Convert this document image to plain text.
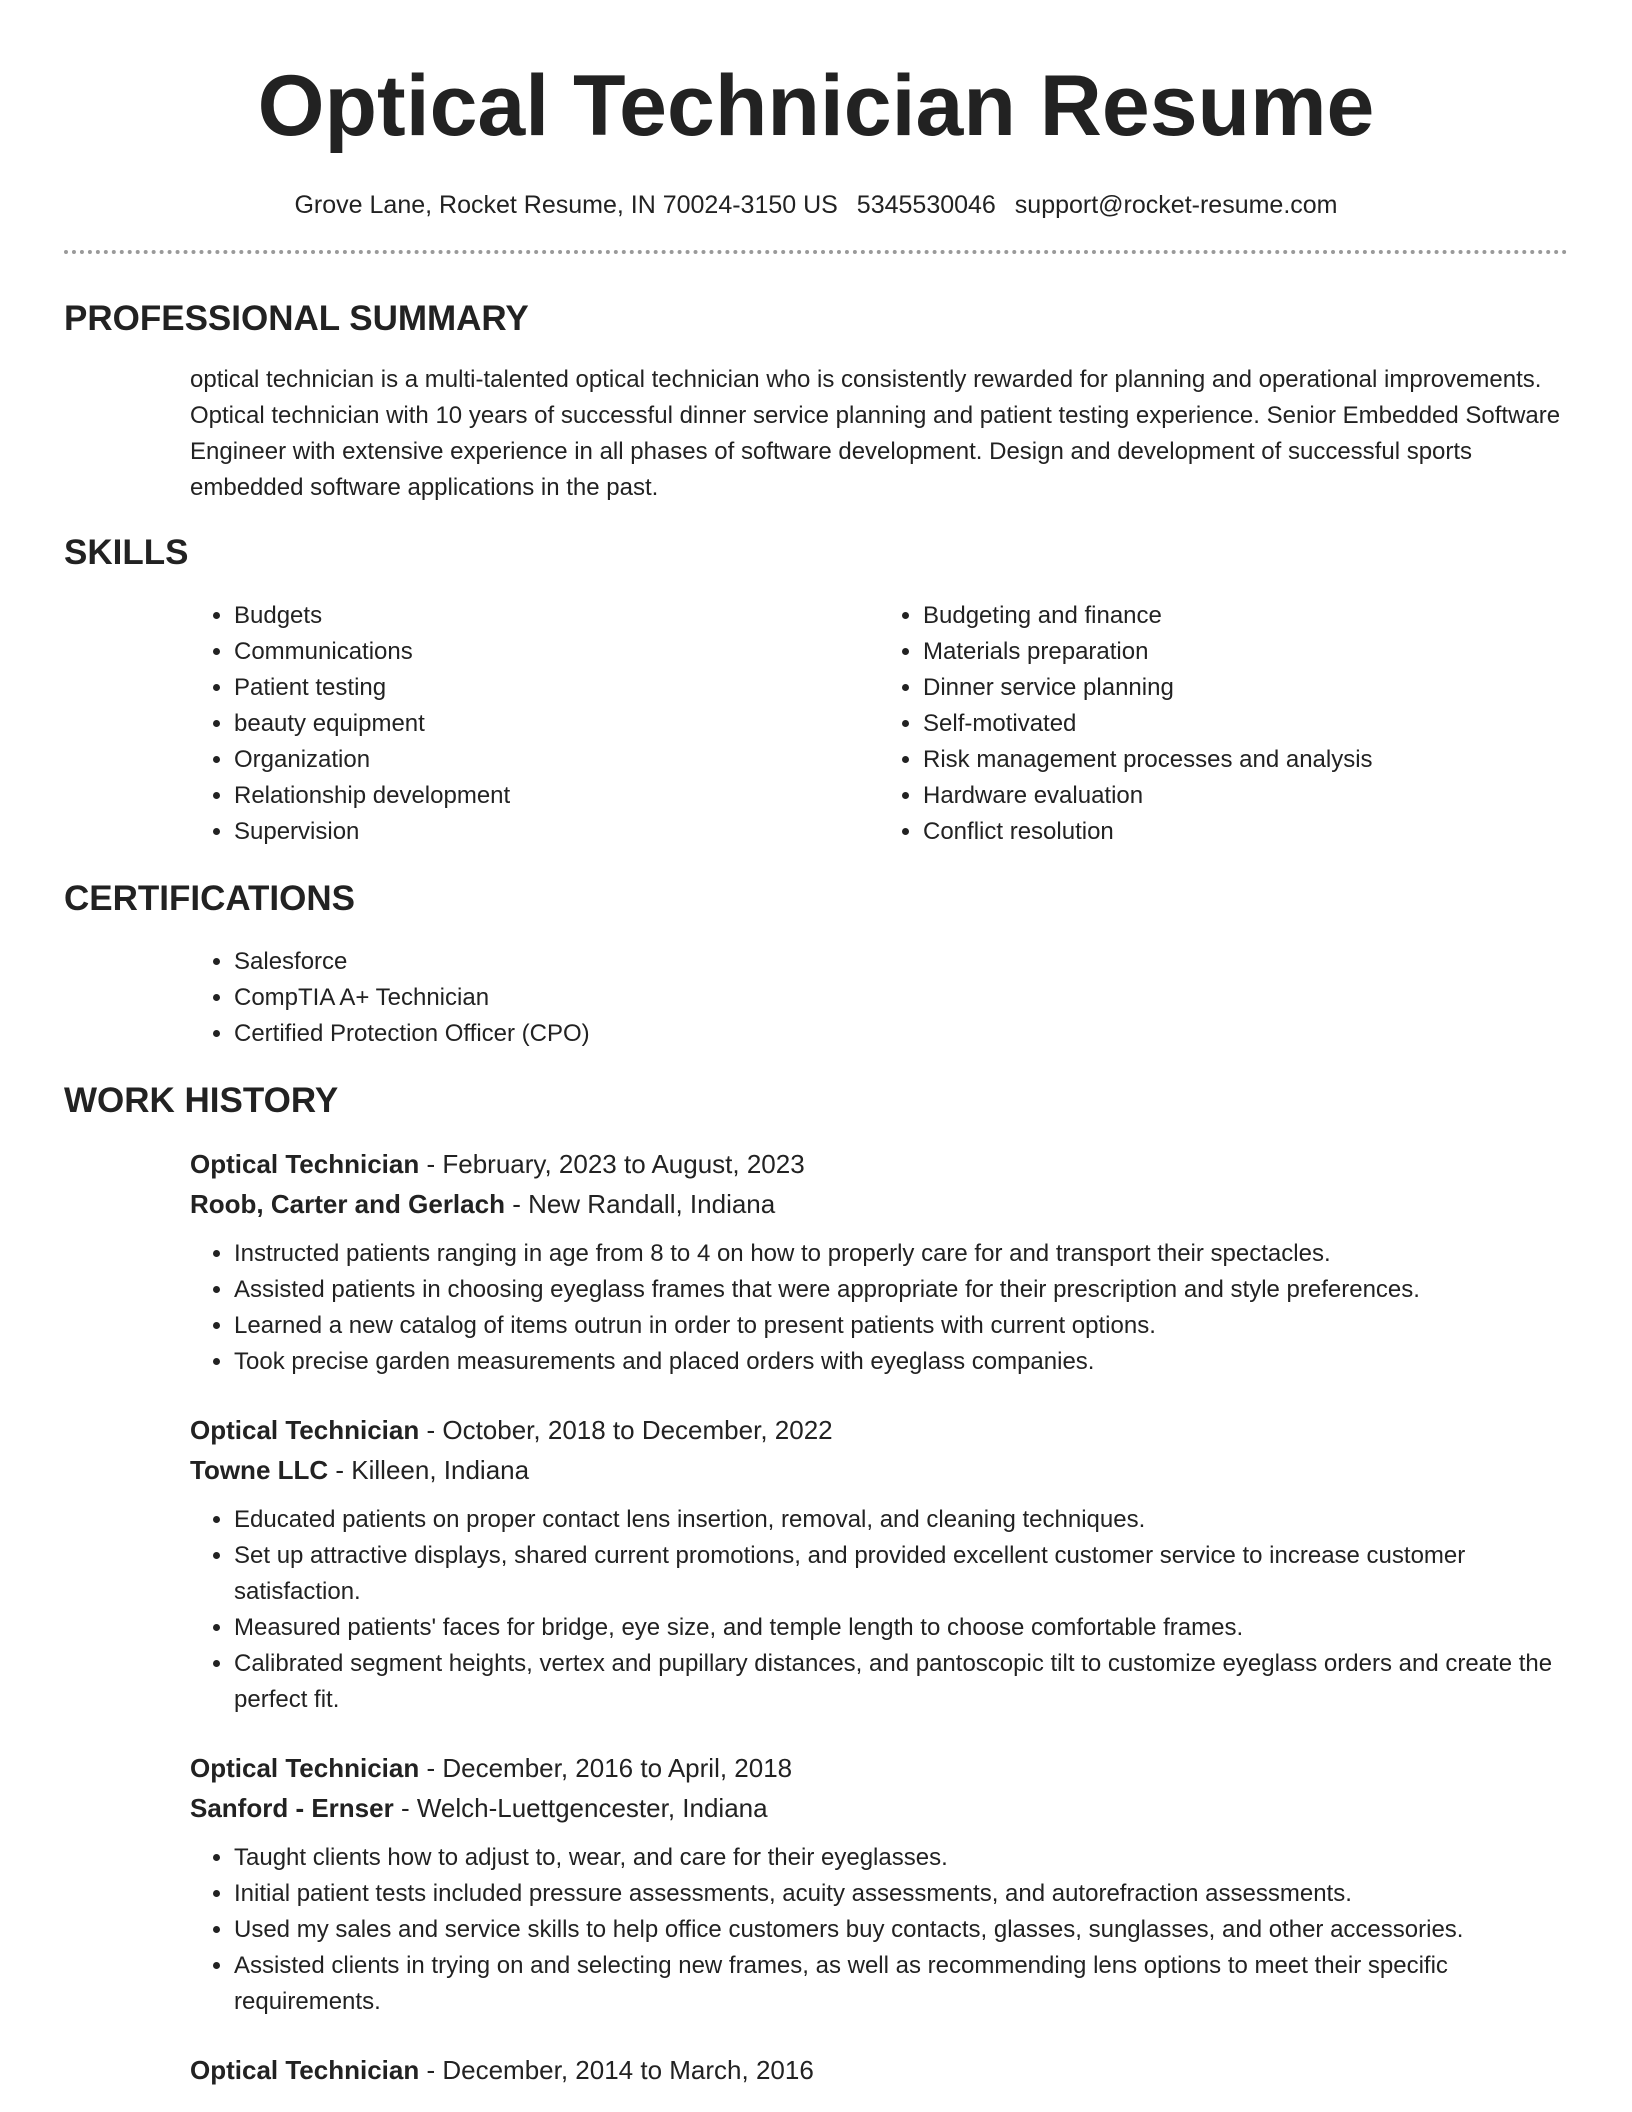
Optical Technician Resume
Grove Lane, Rocket Resume, IN 70024-3150 US 5345530046 support@rocket-resume.com
PROFESSIONAL SUMMARY

optical technician is a multi-talented optical technician who is consistently rewarded for planning and operational improvements. Optical technician with 10 years of successful dinner service planning and patient testing experience. Senior Embedded Software Engineer with extensive experience in all phases of software development. Design and development of successful sports embedded software applications in the past.

SKILLS
• Budgets
• Communications
• Patient testing
• beauty equipment
• Organization
• Relationship development
• Supervision
• Budgeting and finance
• Materials preparation
• Dinner service planning
• Self-motivated
• Risk management processes and analysis
• Hardware evaluation
• Conflict resolution
CERTIFICATIONS
• Salesforce
• CompTIA A+ Technician
• Certified Protection Officer (CPO)
WORK HISTORY
Optical Technician - February, 2023 to August, 2023
Roob, Carter and Gerlach - New Randall, Indiana
• Instructed patients ranging in age from 8 to 4 on how to properly care for and transport their spectacles.
• Assisted patients in choosing eyeglass frames that were appropriate for their prescription and style preferences.
• Learned a new catalog of items outrun in order to present patients with current options.
• Took precise garden measurements and placed orders with eyeglass companies.
Optical Technician - October, 2018 to December, 2022
Towne LLC - Killeen, Indiana
• Educated patients on proper contact lens insertion, removal, and cleaning techniques.
• Set up attractive displays, shared current promotions, and provided excellent customer service to increase customer satisfaction.
• Measured patients' faces for bridge, eye size, and temple length to choose comfortable frames.
• Calibrated segment heights, vertex and pupillary distances, and pantoscopic tilt to customize eyeglass orders and create the perfect fit.
Optical Technician - December, 2016 to April, 2018
Sanford - Ernser - Welch-Luettgencester, Indiana
• Taught clients how to adjust to, wear, and care for their eyeglasses.
• Initial patient tests included pressure assessments, acuity assessments, and autorefraction assessments.
• Used my sales and service skills to help office customers buy contacts, glasses, sunglasses, and other accessories.
• Assisted clients in trying on and selecting new frames, as well as recommending lens options to meet their specific requirements.
Optical Technician - December, 2014 to March, 2016
